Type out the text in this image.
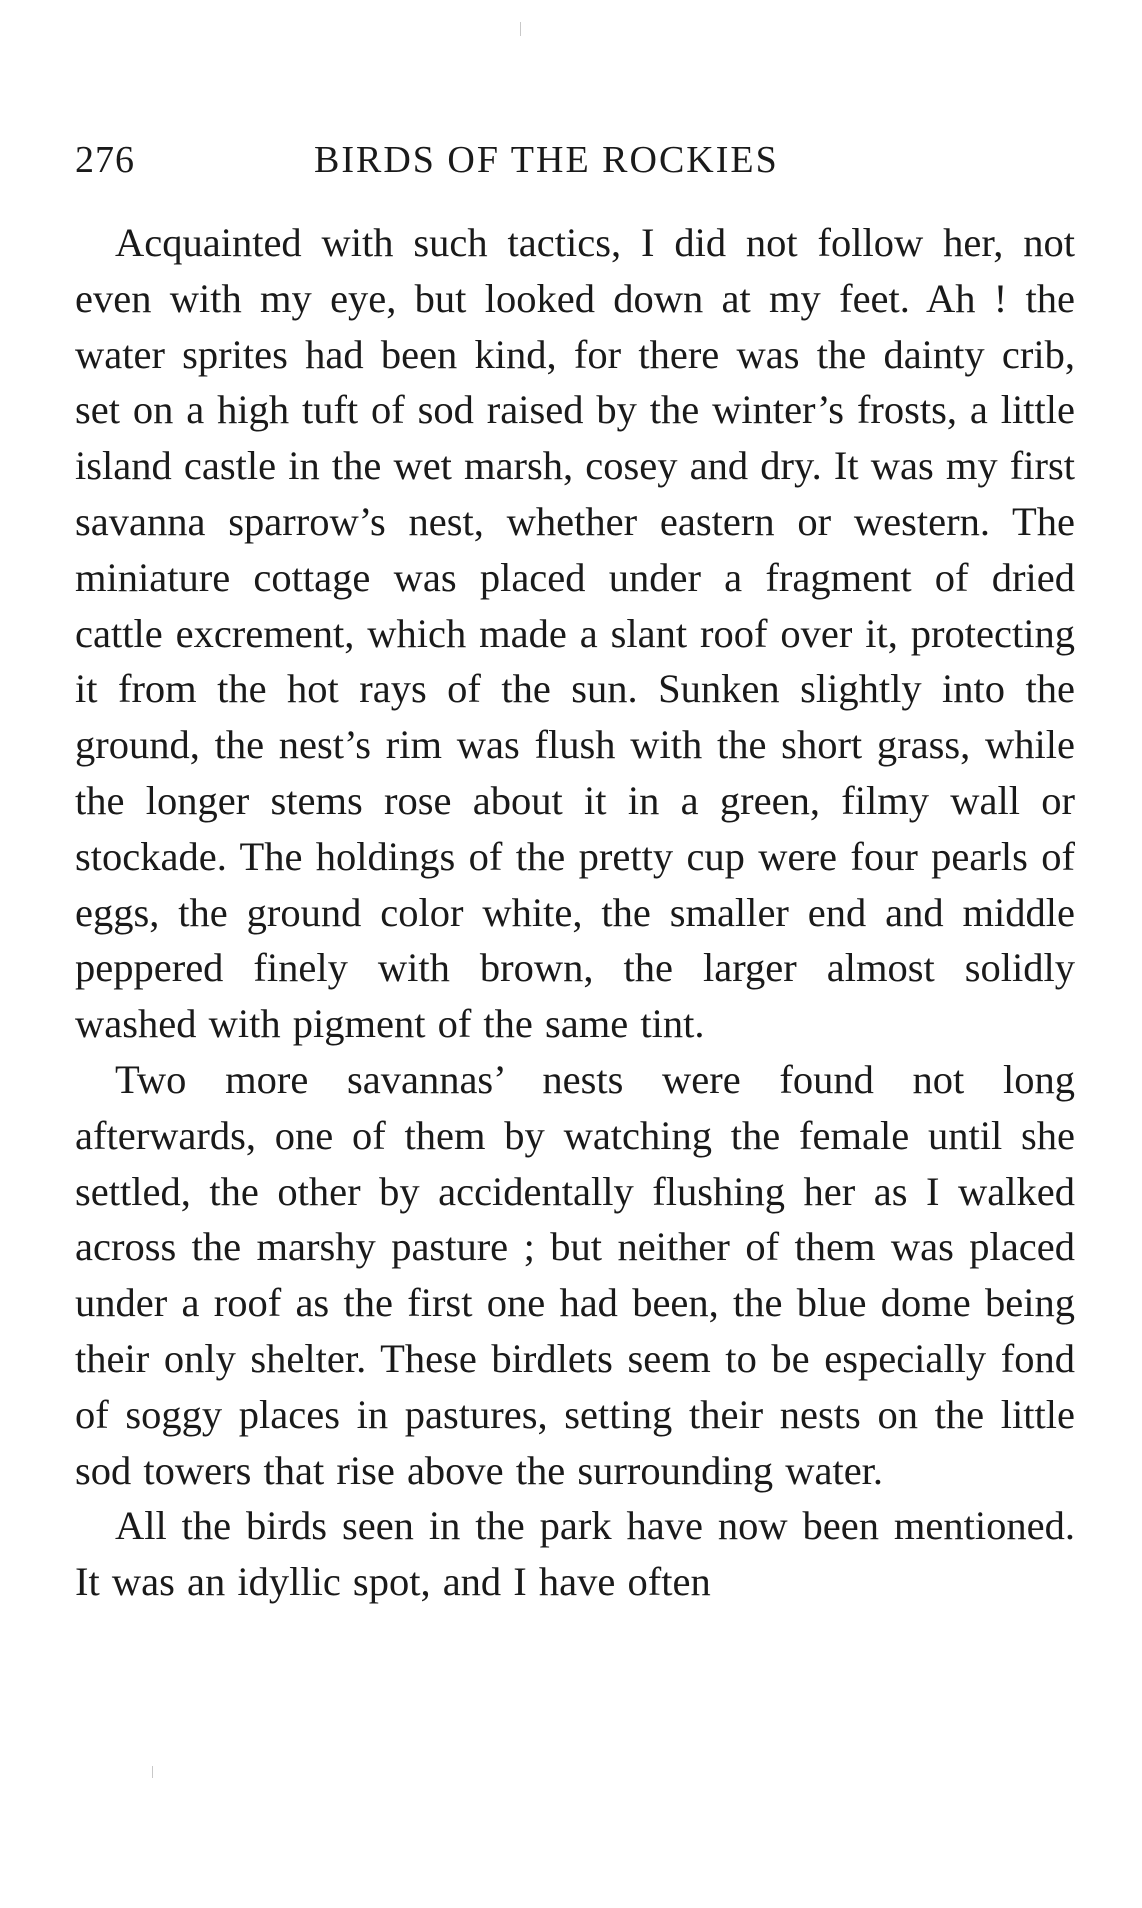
276	BIRDS OF THE ROCKIES

Acquainted with such tactics, I did not follow her, not even with my eye, but looked down at my feet. Ah ! the water sprites had been kind, for there was the dainty crib, set on a high tuft of sod raised by the winter’s frosts, a little island castle in the wet marsh, cosey and dry. It was my first savanna sparrow’s nest, whether eastern or western. The miniature cottage was placed under a fragment of dried cattle excrement, which made a slant roof over it, protecting it from the hot rays of the sun. Sunken slightly into the ground, the nest’s rim was flush with the short grass, while the longer stems rose about it in a green, filmy wall or stockade. The holdings of the pretty cup were four pearls of eggs, the ground color white, the smaller end and middle peppered finely with brown, the larger almost solidly washed with pigment of the same tint.

Two more savannas’ nests were found not long afterwards, one of them by watching the female until she settled, the other by accidentally flushing her as I walked across the marshy pasture ; but neither of them was placed under a roof as the first one had been, the blue dome being their only shelter. These birdlets seem to be especially fond of soggy places in pastures, setting their nests on the little sod towers that rise above the surrounding water.

All the birds seen in the park have now been mentioned. It was an idyllic spot, and I have often
